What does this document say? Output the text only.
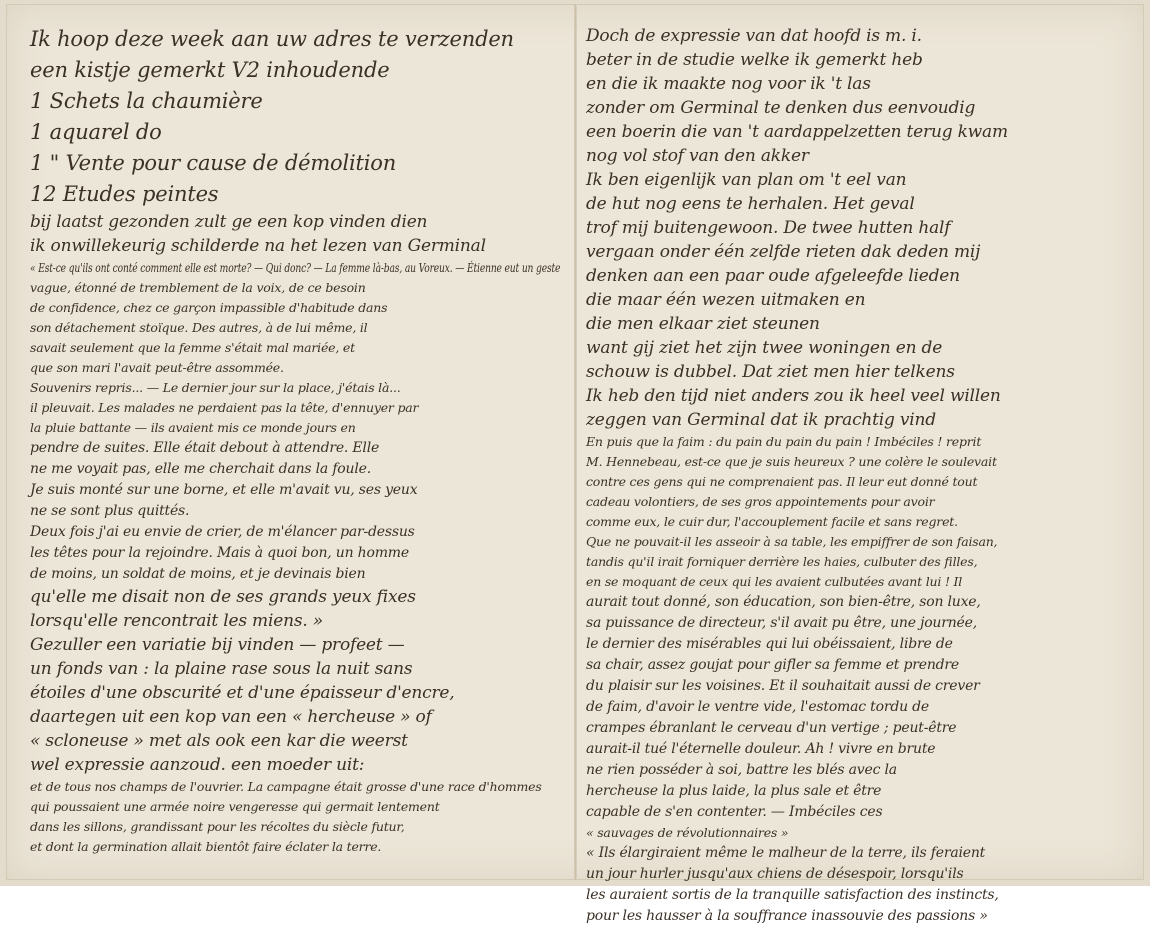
Ik hoop deze week aan uw adres te verzenden
een kistje gemerkt V2 inhoudende
1 Schets la chaumière
1 aquarel do
1 " Vente pour cause de démolition
12 Etudes peintes
bij laatst gezonden zult ge een kop vinden dien
ik onwillekeurig schilderde na het lezen van Germinal
« Est-ce qu'ils ont conté comment elle est morte? — Qui donc? — La femme là-bas, au Voreux. — Étienne eut un geste
vague, étonné de tremblement de la voix, de ce besoin
de confidence, chez ce garçon impassible d'habitude dans
son détachement stoïque. Des autres, à de lui même, il
savait seulement que la femme s'était mal mariée, et
que son mari l'avait peut-être assommée.
Souvenirs repris... — Le dernier jour sur la place, j'étais là...
il pleuvait. Les malades ne perdaient pas la tête, d'ennuyer par
la pluie battante — ils avaient mis ce monde jours en
pendre de suites. Elle était debout à attendre. Elle
ne me voyait pas, elle me cherchait dans la foule.
Je suis monté sur une borne, et elle m'avait vu, ses yeux
ne se sont plus quittés.
Deux fois j'ai eu envie de crier, de m'élancer par-dessus
les têtes pour la rejoindre. Mais à quoi bon, un homme
de moins, un soldat de moins, et je devinais bien
qu'elle me disait non de ses grands yeux fixes
lorsqu'elle rencontrait les miens. »
Gezuller een variatie bij vinden — profeet —
un fonds van : la plaine rase sous la nuit sans
étoiles d'une obscurité et d'une épaisseur d'encre,
daartegen uit een kop van een « hercheuse » of
« scloneuse » met als ook een kar die weerst
wel expressie aanzoud. een moeder uit:
et de tous nos champs de l'ouvrier. La campagne était grosse d'une race d'hommes
qui poussaient une armée noire vengeresse qui germait lentement
dans les sillons, grandissant pour les récoltes du siècle futur,
et dont la germination allait bientôt faire éclater la terre.
Doch de expressie van dat hoofd is m. i.
beter in de studie welke ik gemerkt heb
en die ik maakte nog voor ik 't las
zonder om Germinal te denken dus eenvoudig
een boerin die van 't aardappelzetten terug kwam
nog vol stof van den akker
Ik ben eigenlijk van plan om 't eel van
de hut nog eens te herhalen. Het geval
trof mij buitengewoon. De twee hutten half
vergaan onder één zelfde rieten dak deden mij
denken aan een paar oude afgeleefde lieden
die maar één wezen uitmaken en
die men elkaar ziet steunen
want gij ziet het zijn twee woningen en de
schouw is dubbel. Dat ziet men hier telkens
Ik heb den tijd niet anders zou ik heel veel willen
zeggen van Germinal dat ik prachtig vind
En puis que la faim : du pain du pain du pain ! Imbéciles ! reprit
M. Hennebeau, est-ce que je suis heureux ? une colère le soulevait
contre ces gens qui ne comprenaient pas. Il leur eut donné tout
cadeau volontiers, de ses gros appointements pour avoir
comme eux, le cuir dur, l'accouplement facile et sans regret.
Que ne pouvait-il les asseoir à sa table, les empiffrer de son faisan,
tandis qu'il irait forniquer derrière les haies, culbuter des filles,
en se moquant de ceux qui les avaient culbutées avant lui ! Il
aurait tout donné, son éducation, son bien-être, son luxe,
sa puissance de directeur, s'il avait pu être, une journée,
le dernier des misérables qui lui obéissaient, libre de
sa chair, assez goujat pour gifler sa femme et prendre
du plaisir sur les voisines. Et il souhaitait aussi de crever
de faim, d'avoir le ventre vide, l'estomac tordu de
crampes ébranlant le cerveau d'un vertige ; peut-être
aurait-il tué l'éternelle douleur. Ah ! vivre en brute
ne rien posséder à soi, battre les blés avec la
hercheuse la plus laide, la plus sale et être
capable de s'en contenter. — Imbéciles ces
« sauvages de révolutionnaires »
« Ils élargiraient même le malheur de la terre, ils feraient
un jour hurler jusqu'aux chiens de désespoir, lorsqu'ils
les auraient sortis de la tranquille satisfaction des instincts,
pour les hausser à la souffrance inassouvie des passions »
